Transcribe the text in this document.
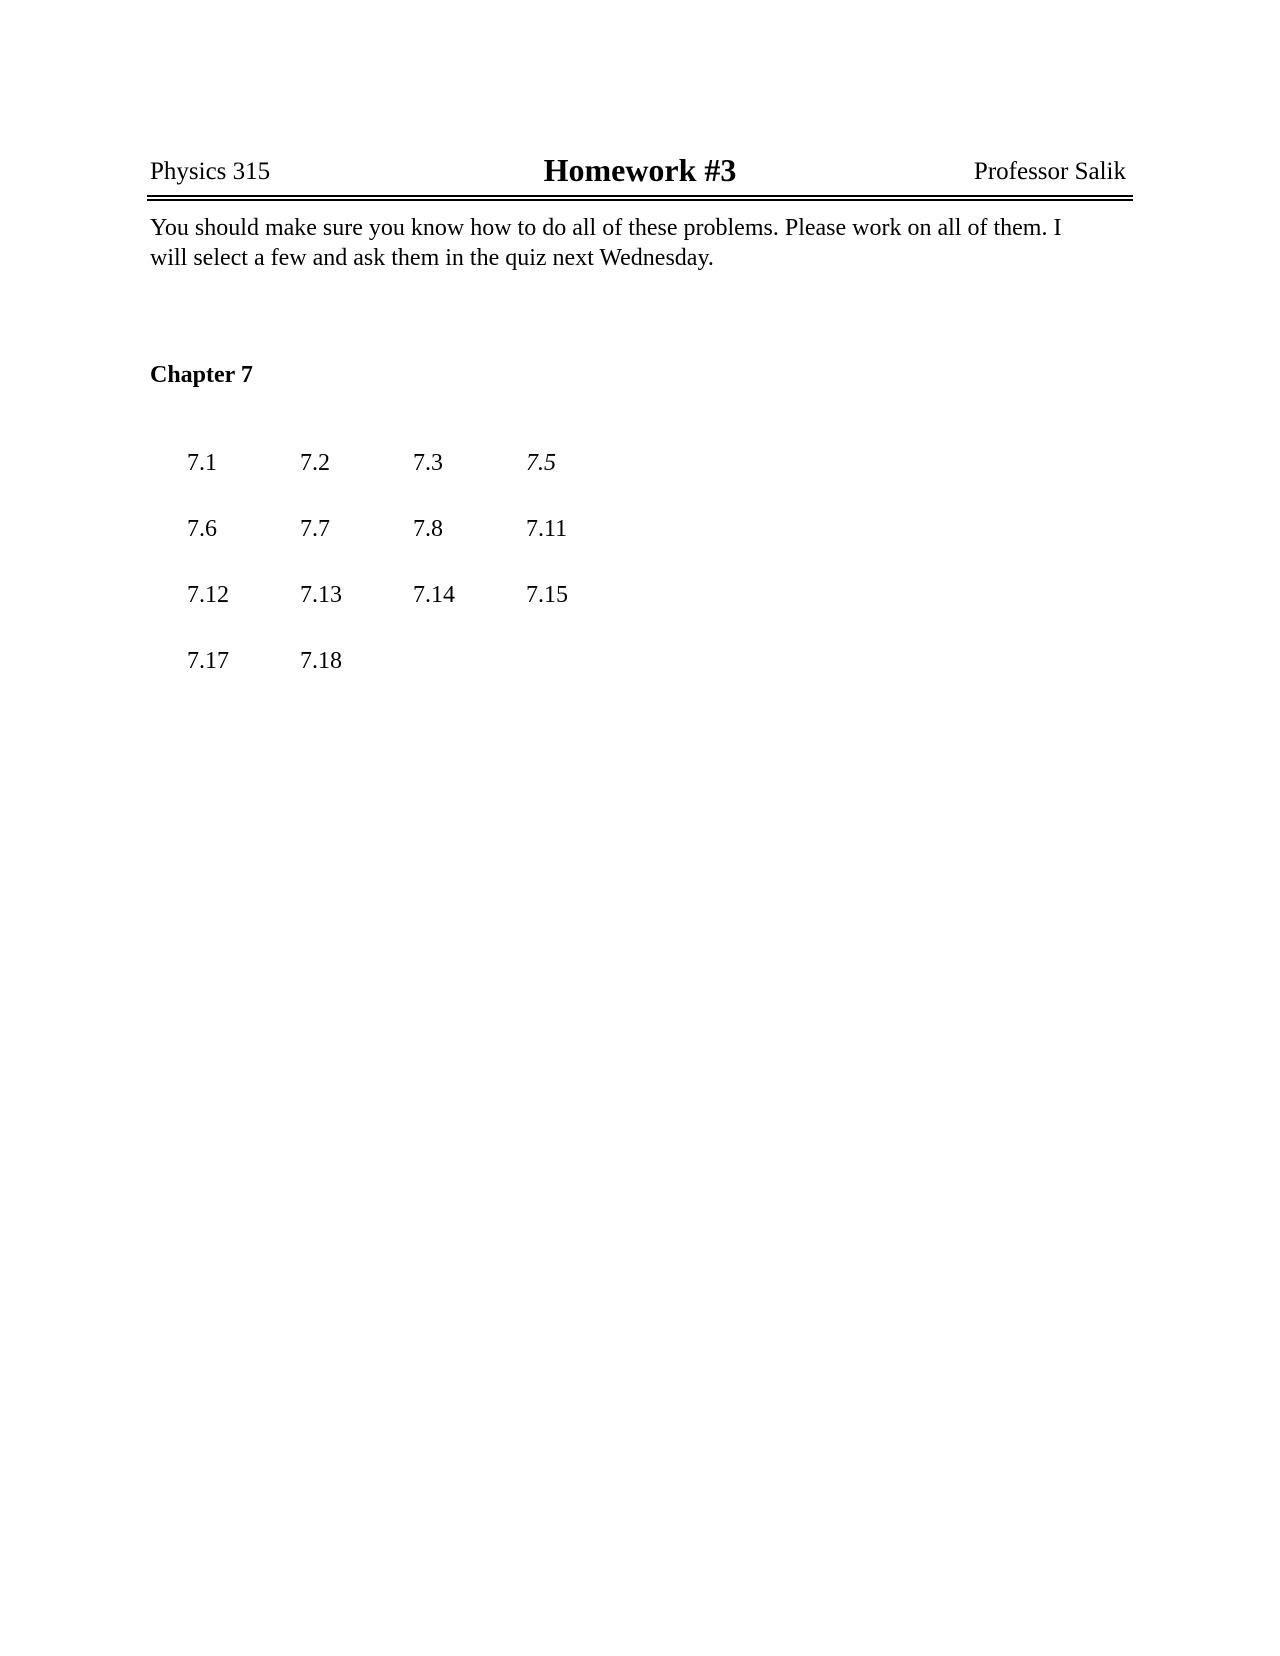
Physics 315	Homework #3	Professor Salik
You should make sure you know how to do all of these problems. Please work on all of them. I
will select a few and ask them in the quiz next Wednesday.
Chapter 7
7.1	7.2	7.3	7.5
7.6	7.7	7.8	7.11
7.12	7.13	7.14	7.15
7.17	7.18
